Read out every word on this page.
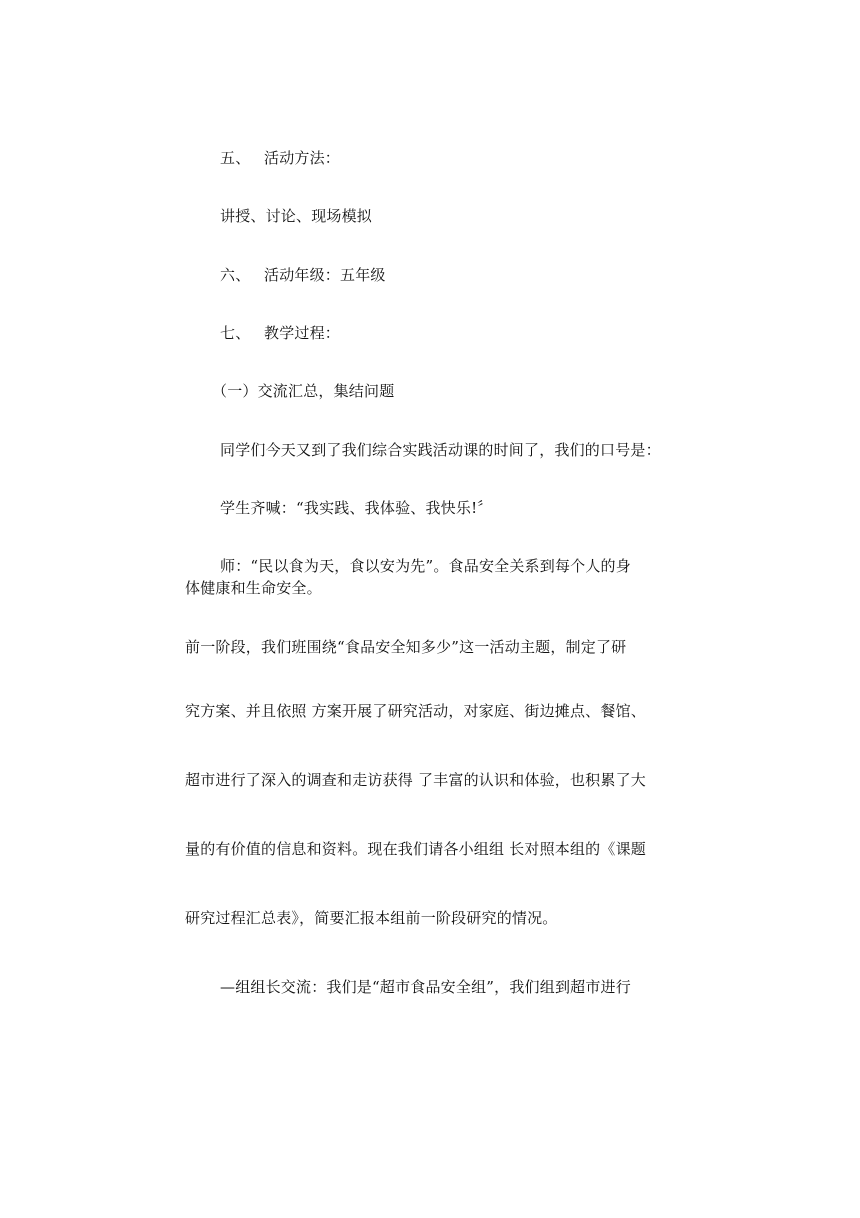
五、 活动方法：
讲授、讨论、现场模拟
六、 活动年级：五年级
七、 教学过程：
（一）交流汇总，集结问题
同学们今天又到了我们综合实践活动课的时间了，我们的口号是：
学生齐喊：“我实践、我体验、我快乐!〞
师：“民以食为天，食以安为先”。食品安全关系到每个人的身
体健康和生命安全。
前一阶段，我们班围绕“食品安全知多少”这一活动主题，制定了研
究方案、并且依照 方案开展了研究活动，对家庭、街边摊点、餐馆、
超市进行了深入的调查和走访获得 了丰富的认识和体验，也积累了大
量的有价值的信息和资料。现在我们请各小组组 长对照本组的《课题
研究过程汇总表》，简要汇报本组前一阶段研究的情况。
—组组长交流：我们是“超市食品安全组”，我们组到超市进行
